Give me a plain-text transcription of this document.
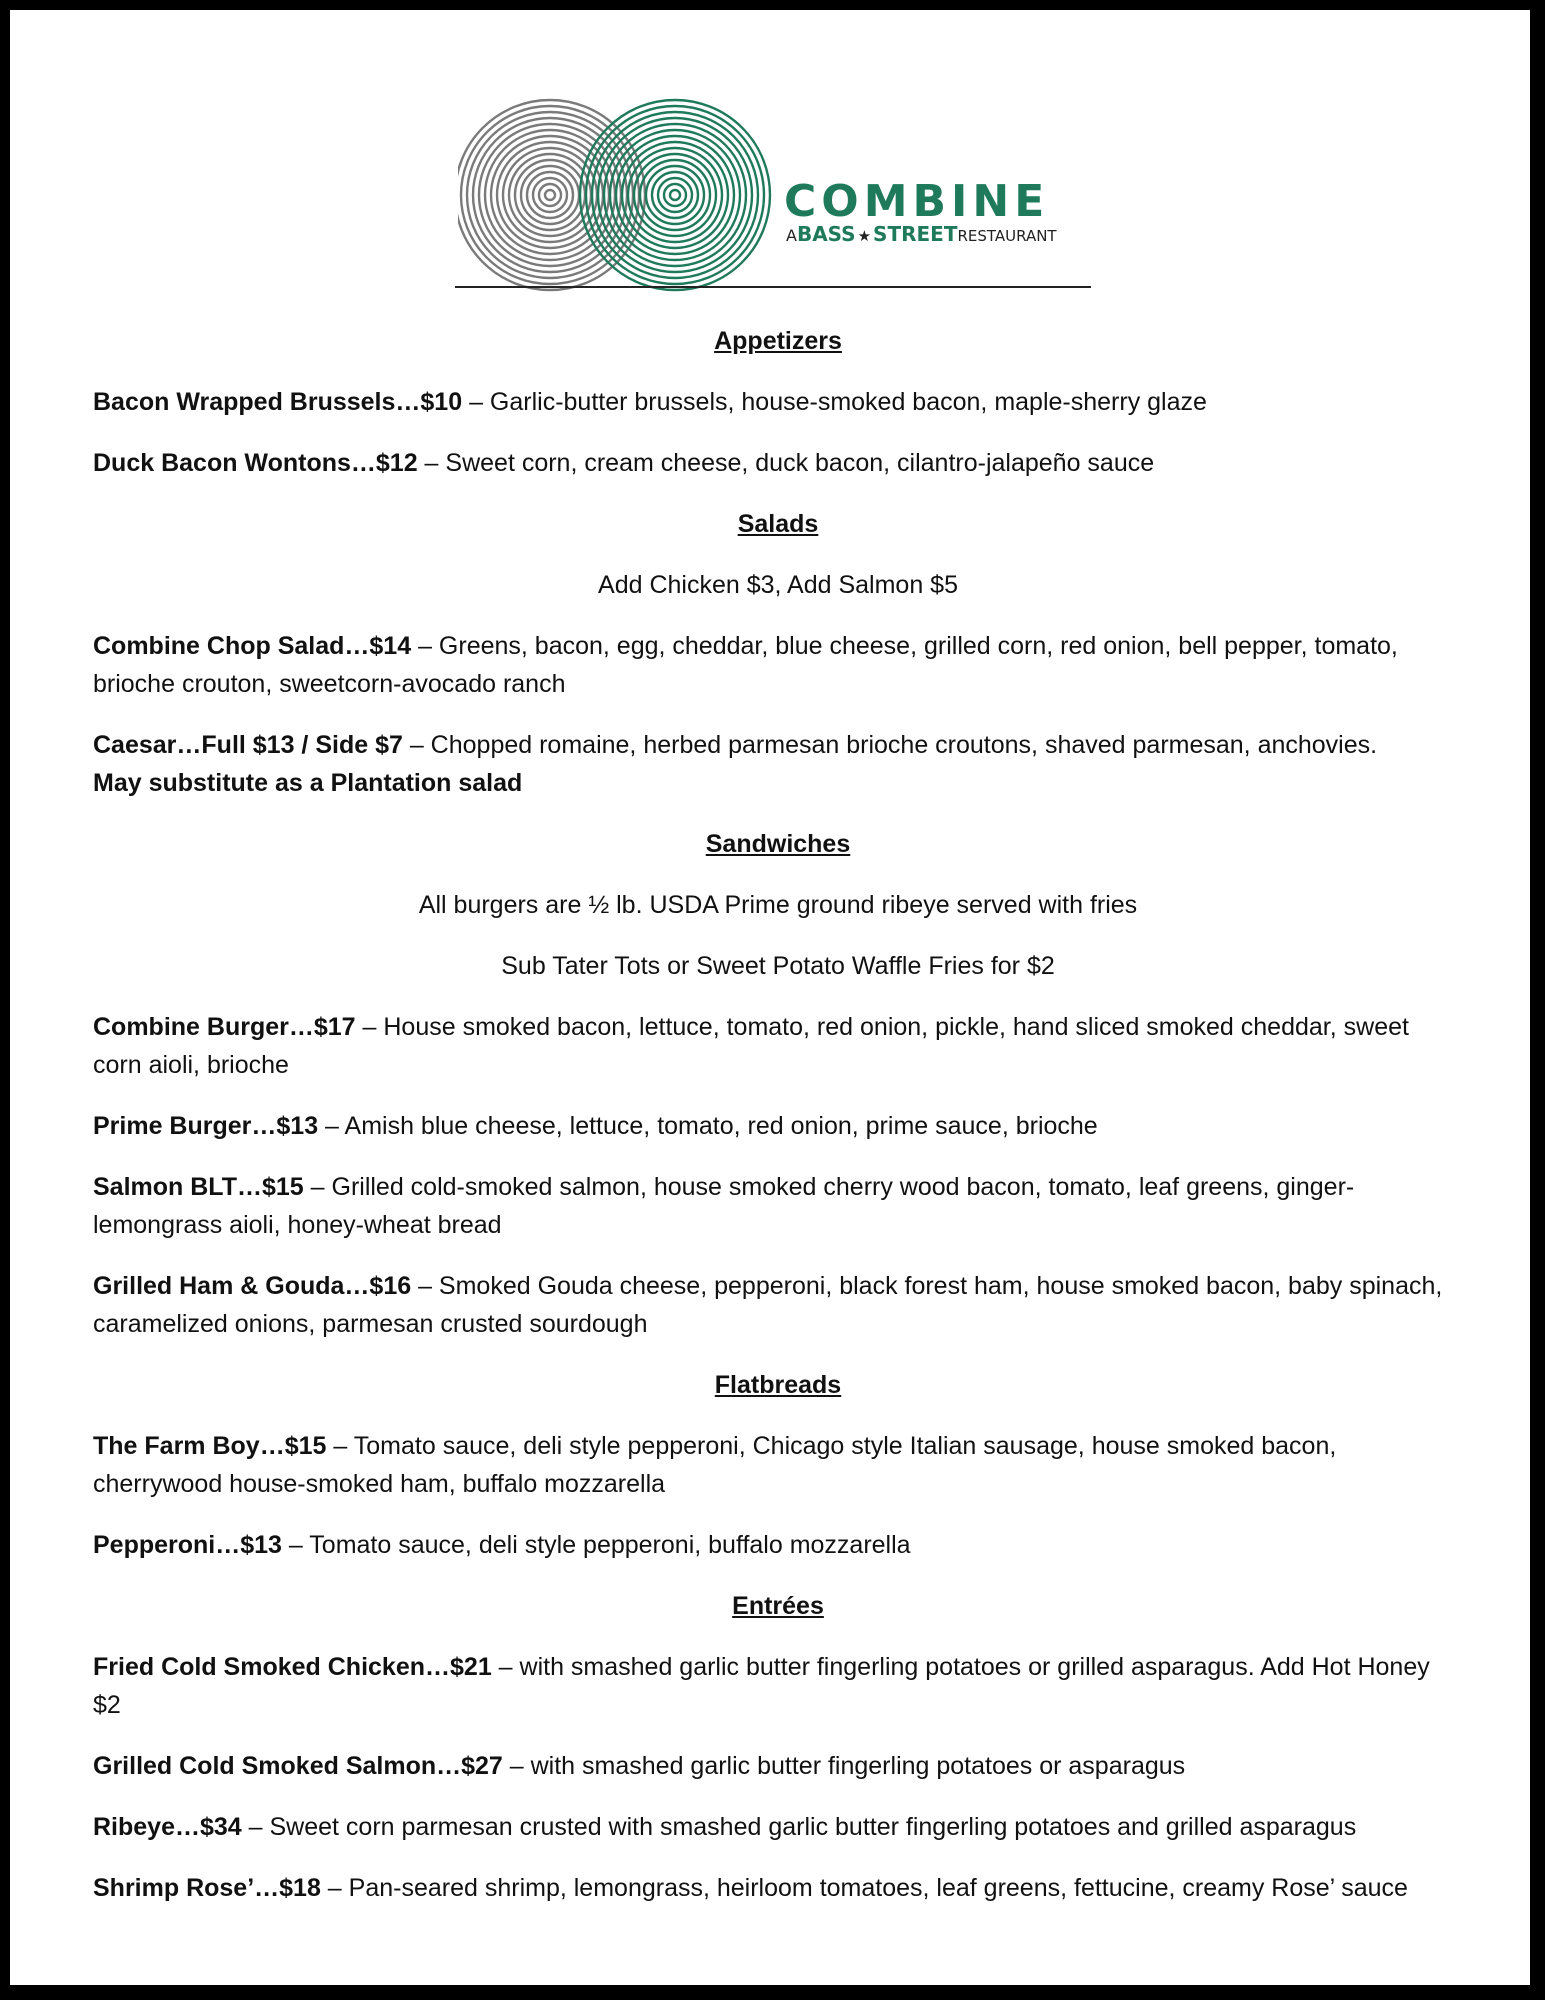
COMBINE
ABASS ★ STREETRESTAURANT
Appetizers
Bacon Wrapped Brussels…$10 – Garlic-butter brussels, house-smoked bacon, maple-sherry glaze
Duck Bacon Wontons…$12 – Sweet corn, cream cheese, duck bacon, cilantro-jalapeño sauce
Salads
Add Chicken $3, Add Salmon $5
Combine Chop Salad…$14 – Greens, bacon, egg, cheddar, blue cheese, grilled corn, red onion, bell pepper, tomato, brioche crouton, sweetcorn-avocado ranch
Caesar…Full $13 / Side $7 – Chopped romaine, herbed parmesan brioche croutons, shaved parmesan, anchovies.
May substitute as a Plantation salad
Sandwiches
All burgers are ½ lb. USDA Prime ground ribeye served with fries
Sub Tater Tots or Sweet Potato Waffle Fries for $2
Combine Burger…$17 – House smoked bacon, lettuce, tomato, red onion, pickle, hand sliced smoked cheddar, sweet corn aioli, brioche
Prime Burger…$13 – Amish blue cheese, lettuce, tomato, red onion, prime sauce, brioche
Salmon BLT…$15 – Grilled cold-smoked salmon, house smoked cherry wood bacon, tomato, leaf greens, ginger-lemongrass aioli, honey-wheat bread
Grilled Ham & Gouda…$16 – Smoked Gouda cheese, pepperoni, black forest ham, house smoked bacon, baby spinach, caramelized onions, parmesan crusted sourdough
Flatbreads
The Farm Boy…$15 – Tomato sauce, deli style pepperoni, Chicago style Italian sausage, house smoked bacon, cherrywood house-smoked ham, buffalo mozzarella
Pepperoni…$13 – Tomato sauce, deli style pepperoni, buffalo mozzarella
Entrées
Fried Cold Smoked Chicken…$21 – with smashed garlic butter fingerling potatoes or grilled asparagus. Add Hot Honey $2
Grilled Cold Smoked Salmon…$27 – with smashed garlic butter fingerling potatoes or asparagus
Ribeye…$34 – Sweet corn parmesan crusted with smashed garlic butter fingerling potatoes and grilled asparagus
Shrimp Rose’…$18 – Pan-seared shrimp, lemongrass, heirloom tomatoes, leaf greens, fettucine, creamy Rose’ sauce
